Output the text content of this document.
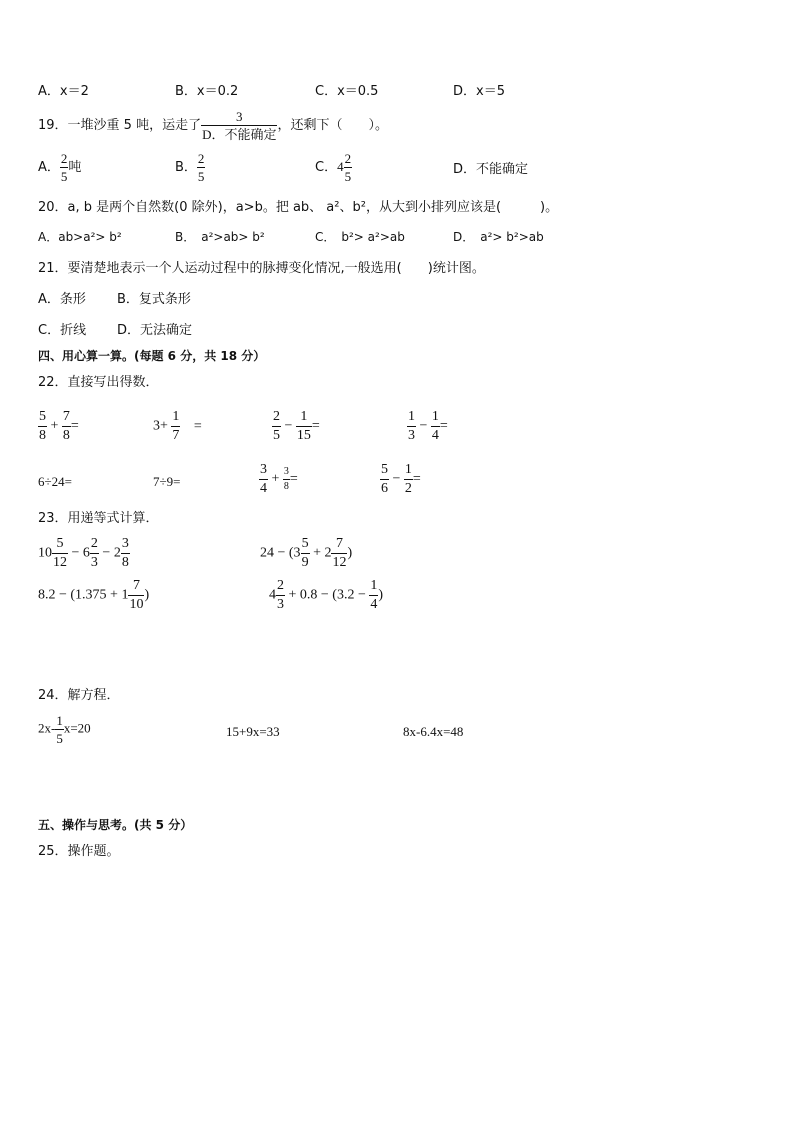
A．x＝2	B．x＝0.2	C．x＝0.5	D．x＝5
19．一堆沙重 5 吨，运走了 $\frac{3}{\text{D．不能确定}}$ ，还剩下（　　）。
A． $\frac{2}{5}$ 吨	B． $\frac{2}{5}$	C．$4 \frac{2}{5}$	D．不能确定
20．a, b 是两个自然数(0 除外)，a>b。把 ab、 a²、b²，从大到小排列应该是(　　　)。
A．ab>a²> b²	B．　a²>ab> b²	C．　b²> a²>ab	D．　a²> b²>ab
21．要清楚地表示一个人运动过程中的脉搏变化情况,一般选用(　　)统计图。
A．条形 B．复式条形
C．折线 D．无法确定
四、用心算一算。(每题 6 分，共 18 分）
22．直接写出得数．
$\frac{5}{8} + \frac{7}{8}$ =	$3+ \frac{1}{7}$ =	$\frac{2}{5} - \frac{1}{15}$ =	$\frac{1}{3} - \frac{1}{4}$ =
6÷24=	7÷9=	$\frac{3}{4} + \frac{3}{8}$ =	$\frac{5}{6} - \frac{1}{2}$ =
23．用递等式计算．
$10 \frac{5}{12} - 6 \frac{2}{3} - 2 \frac{3}{8}$	$24 - (3 \frac{5}{9} + 2 \frac{7}{12}$ )
$8.2 - (1.375 + 1 \frac{7}{10}$ )	$4 \frac{2}{3} + 0.8 - (3.2 - \frac{1}{4}$ )
24．解方程．
$2x- \frac{1}{5} x=20$	15+9x=33	8x-6.4x=48
五、操作与思考。(共 5 分）
25．操作题。
